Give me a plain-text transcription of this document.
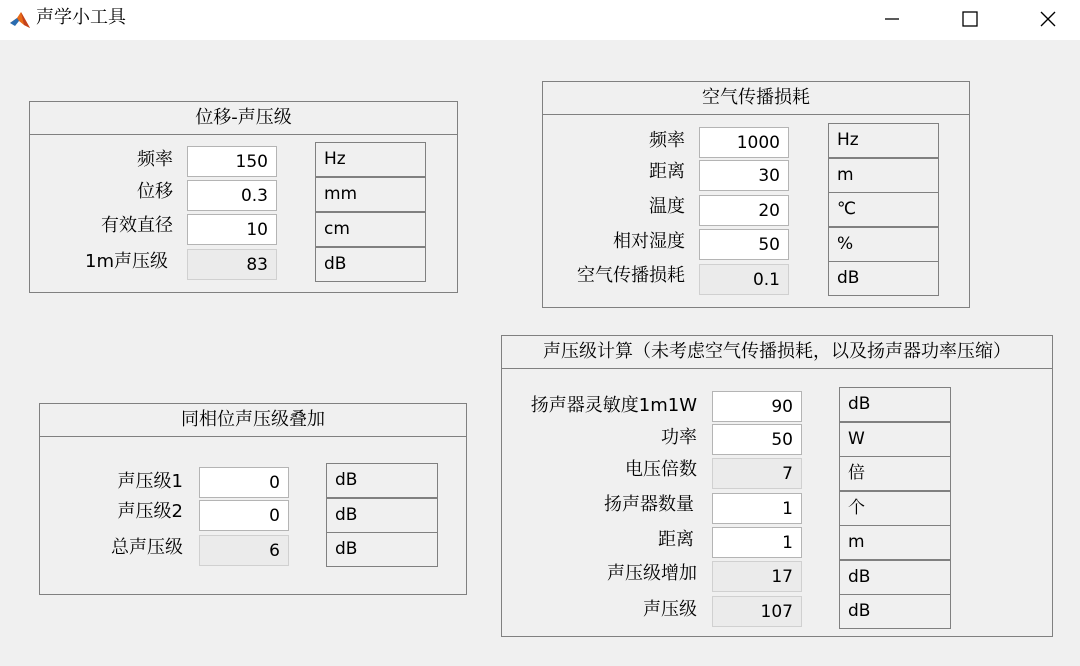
声学小工具
位移-声压级
频率	150	Hz
位移	0.3	mm
有效直径	10	cm
1m声压级	83	dB
空气传播损耗
频率	1000	Hz
距离	30	m
温度	20	℃
相对湿度	50	%
空气传播损耗	0.1	dB
同相位声压级叠加
声压级1	0	dB
声压级2	0	dB
总声压级	6	dB
声压级计算（未考虑空气传播损耗，以及扬声器功率压缩）
扬声器灵敏度1m1W	90	dB
功率	50	W
电压倍数	7	倍
扬声器数量	1	个
距离	1	m
声压级增加	17	dB
声压级	107	dB
